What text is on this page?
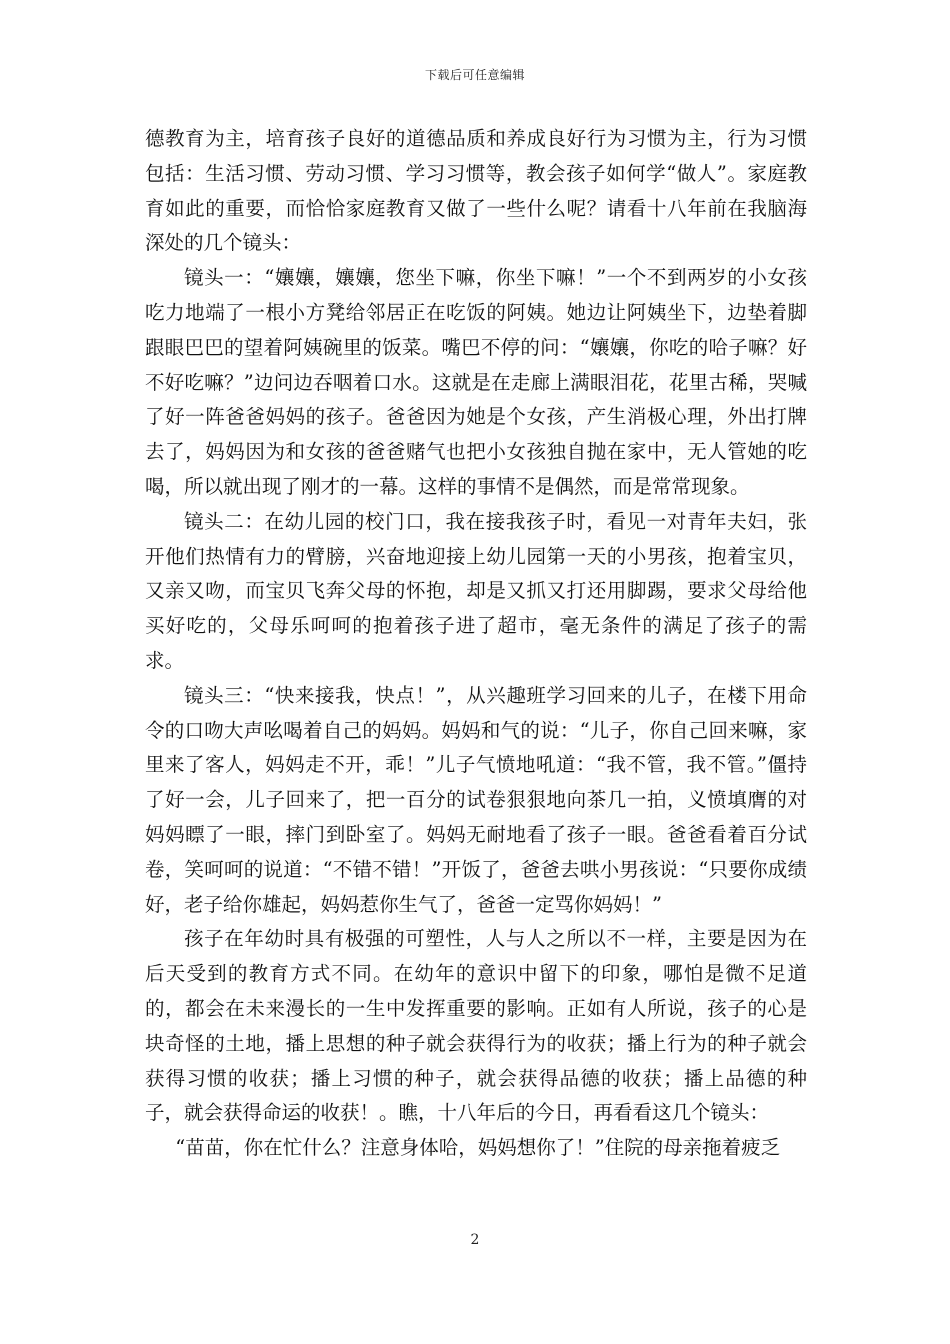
下载后可任意编辑

德教育为主，培育孩子良好的道德品质和养成良好行为习惯为主，行为习惯包括：生活习惯、劳动习惯、学习习惯等，教会孩子如何学“做人”。家庭教育如此的重要，而恰恰家庭教育又做了一些什么呢？请看十八年前在我脑海深处的几个镜头：

镜头一：“孃孃，孃孃，您坐下嘛，你坐下嘛！”一个不到两岁的小女孩吃力地端了一根小方凳给邻居正在吃饭的阿姨。她边让阿姨坐下，边垫着脚跟眼巴巴的望着阿姨碗里的饭菜。嘴巴不停的问：“孃孃，你吃的哈子嘛？好不好吃嘛？”边问边吞咽着口水。这就是在走廊上满眼泪花，花里古稀，哭喊了好一阵爸爸妈妈的孩子。爸爸因为她是个女孩，产生消极心理，外出打牌去了，妈妈因为和女孩的爸爸赌气也把小女孩独自抛在家中，无人管她的吃喝，所以就出现了刚才的一幕。这样的事情不是偶然，而是常常现象。

镜头二：在幼儿园的校门口，我在接我孩子时，看见一对青年夫妇，张开他们热情有力的臂膀，兴奋地迎接上幼儿园第一天的小男孩，抱着宝贝，又亲又吻，而宝贝飞奔父母的怀抱，却是又抓又打还用脚踢，要求父母给他买好吃的，父母乐呵呵的抱着孩子进了超市，毫无条件的满足了孩子的需求。

镜头三：“快来接我，快点！”，从兴趣班学习回来的儿子，在楼下用命令的口吻大声吆喝着自己的妈妈。妈妈和气的说：“儿子，你自己回来嘛，家里来了客人，妈妈走不开，乖！”儿子气愤地吼道：“我不管，我不管。”僵持了好一会，儿子回来了，把一百分的试卷狠狠地向茶几一拍，义愤填膺的对妈妈瞟了一眼，摔门到卧室了。妈妈无耐地看了孩子一眼。爸爸看着百分试卷，笑呵呵的说道：“不错不错！”开饭了，爸爸去哄小男孩说：“只要你成绩好，老子给你雄起，妈妈惹你生气了，爸爸一定骂你妈妈！”

孩子在年幼时具有极强的可塑性，人与人之所以不一样，主要是因为在后天受到的教育方式不同。在幼年的意识中留下的印象，哪怕是微不足道的，都会在未来漫长的一生中发挥重要的影响。正如有人所说，孩子的心是块奇怪的土地，播上思想的种子就会获得行为的收获；播上行为的种子就会获得习惯的收获；播上习惯的种子，就会获得品德的收获；播上品德的种子，就会获得命运的收获！。瞧，十八年后的今日，再看看这几个镜头：

“苗苗，你在忙什么？注意身体哈，妈妈想你了！”住院的母亲拖着疲乏

2
